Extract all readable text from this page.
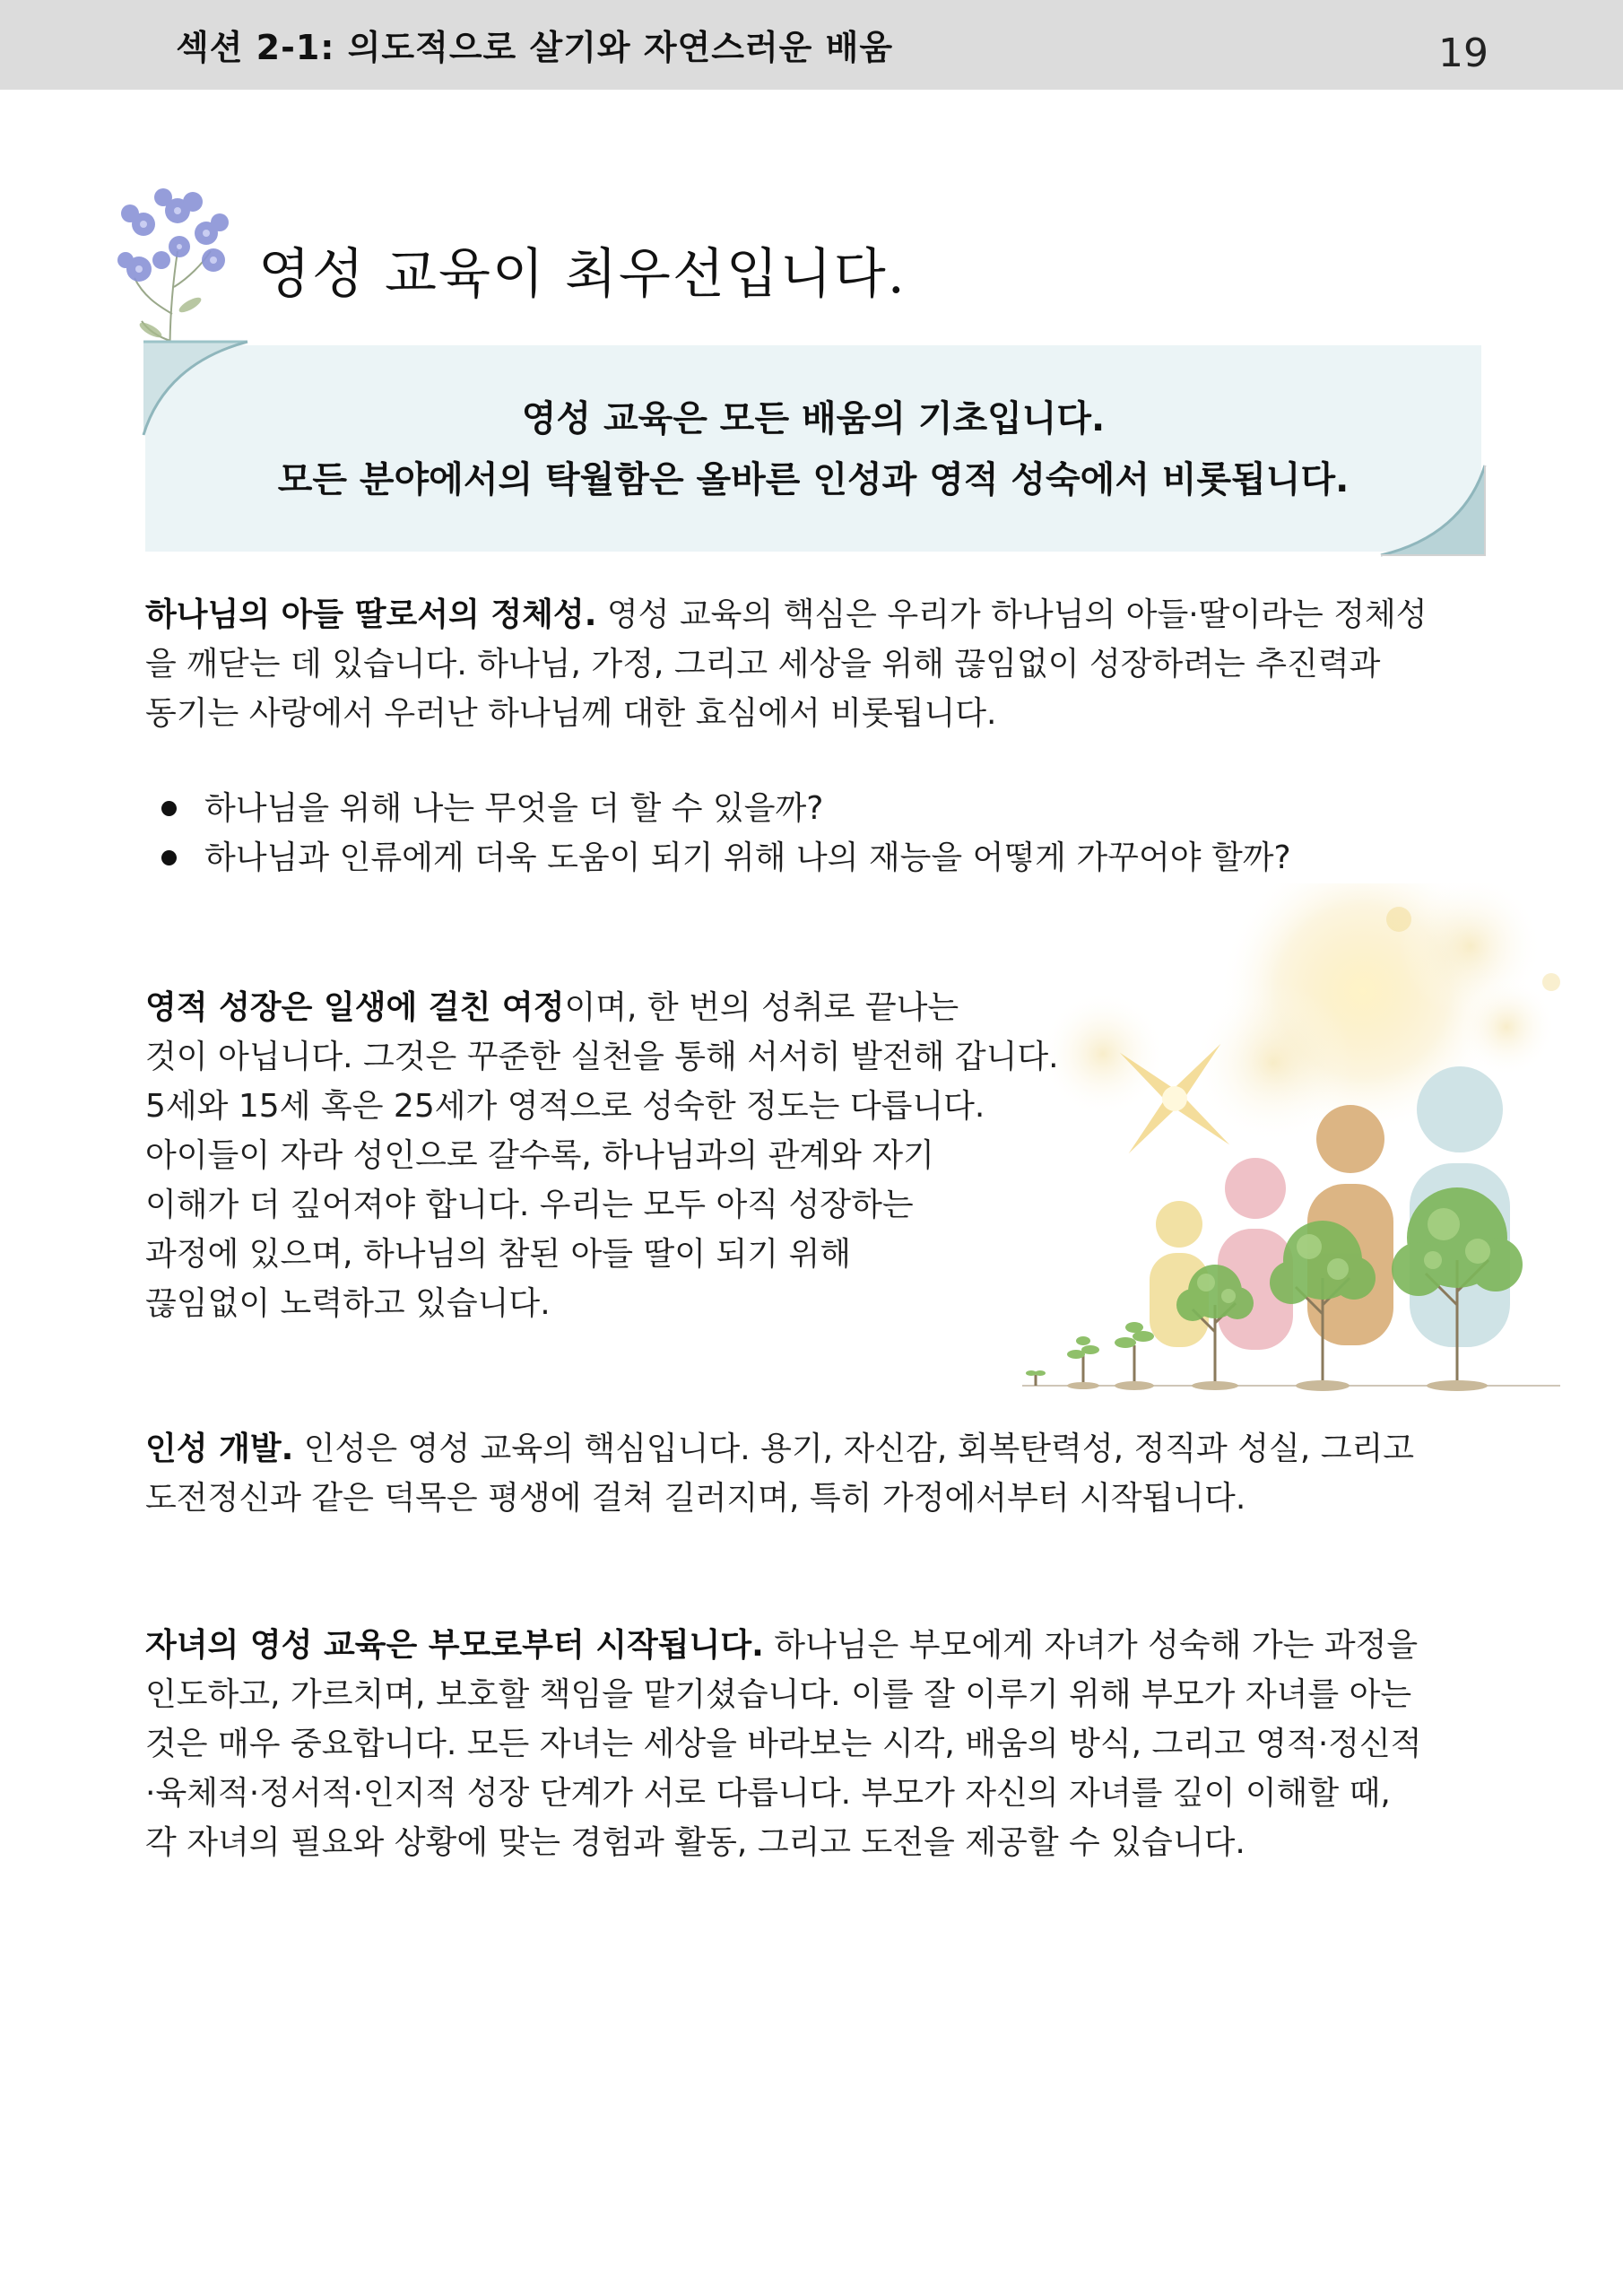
섹션 2-1: 의도적으로 살기와 자연스러운 배움	19
영성 교육이 최우선입니다.
영성 교육은 모든 배움의 기초입니다.
모든 분야에서의 탁월함은 올바른 인성과 영적 성숙에서 비롯됩니다.
하나님의 아들 딸로서의 정체성. 영성 교육의 핵심은 우리가 하나님의 아들·딸이라는 정체성
을 깨닫는 데 있습니다. 하나님, 가정, 그리고 세상을 위해 끊임없이 성장하려는 추진력과
동기는 사랑에서 우러난 하나님께 대한 효심에서 비롯됩니다.
하나님을 위해 나는 무엇을 더 할 수 있을까?
하나님과 인류에게 더욱 도움이 되기 위해 나의 재능을 어떻게 가꾸어야 할까?
영적 성장은 일생에 걸친 여정이며, 한 번의 성취로 끝나는
것이 아닙니다. 그것은 꾸준한 실천을 통해 서서히 발전해 갑니다.
5세와 15세 혹은 25세가 영적으로 성숙한 정도는 다릅니다.
아이들이 자라 성인으로 갈수록, 하나님과의 관계와 자기
이해가 더 깊어져야 합니다. 우리는 모두 아직 성장하는
과정에 있으며, 하나님의 참된 아들 딸이 되기 위해
끊임없이 노력하고 있습니다.
인성 개발. 인성은 영성 교육의 핵심입니다. 용기, 자신감, 회복탄력성, 정직과 성실, 그리고
도전정신과 같은 덕목은 평생에 걸쳐 길러지며, 특히 가정에서부터 시작됩니다.
자녀의 영성 교육은 부모로부터 시작됩니다. 하나님은 부모에게 자녀가 성숙해 가는 과정을
인도하고, 가르치며, 보호할 책임을 맡기셨습니다. 이를 잘 이루기 위해 부모가 자녀를 아는
것은 매우 중요합니다. 모든 자녀는 세상을 바라보는 시각, 배움의 방식, 그리고 영적·정신적
·육체적·정서적·인지적 성장 단계가 서로 다릅니다. 부모가 자신의 자녀를 깊이 이해할 때,
각 자녀의 필요와 상황에 맞는 경험과 활동, 그리고 도전을 제공할 수 있습니다.
